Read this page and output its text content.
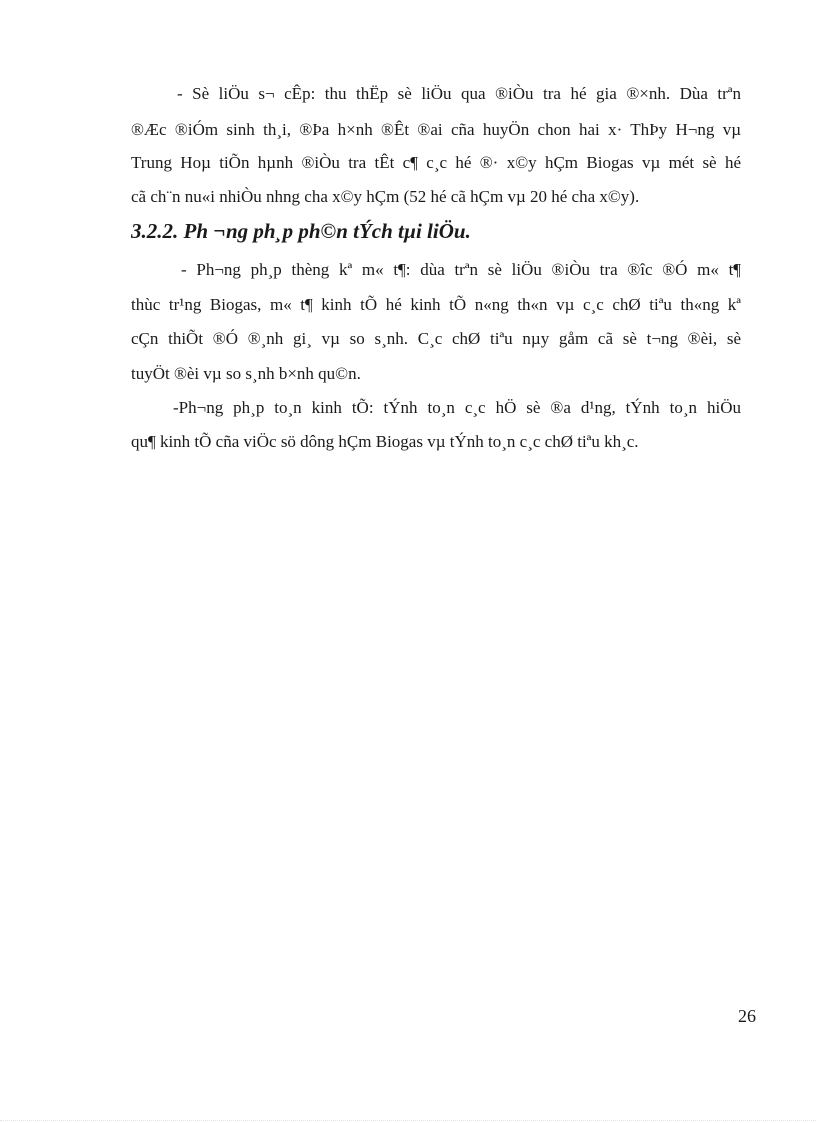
- Sè liÖu s¬ cÊp: thu thËp sè liÖu qua ®iÒu tra hé gia ®×nh. Dùa trªn
®Æc ®iÓm sinh th¸i, ®Þa h×nh ®Êt ®ai cña huyÖn chon hai x· ThÞy H¬ng vµ
Trung Hoµ tiÕn hµnh ®iÒu tra tÊt c¶ c¸c hé ®· x©y hÇm Biogas vµ mét sè hé
cã ch¨n nu«i nhiÒu nhng cha x©y hÇm (52 hé cã hÇm vµ 20 hé cha x©y).
3.2.2. Ph ¬ng ph¸p ph©n tÝch tµi liÖu.
- Ph¬ng ph¸p thèng kª m« t¶: dùa trªn sè liÖu ®iÒu tra ®îc ®Ó m« t¶
thùc tr¹ng Biogas, m« t¶ kinh tÕ hé kinh tÕ n«ng th«n vµ c¸c chØ tiªu th«ng kª
cÇn thiÕt ®Ó ®¸nh gi¸ vµ so s¸nh. C¸c chØ tiªu nµy gåm cã sè t¬ng ®èi, sè
tuyÖt ®èi vµ so s¸nh b×nh qu©n.
-Ph¬ng ph¸p to¸n kinh tÕ: tÝnh to¸n c¸c hÖ sè ®a d¹ng, tÝnh to¸n hiÖu
qu¶ kinh tÕ cña viÖc sö dông hÇm Biogas vµ tÝnh to¸n c¸c chØ tiªu kh¸c.
26
